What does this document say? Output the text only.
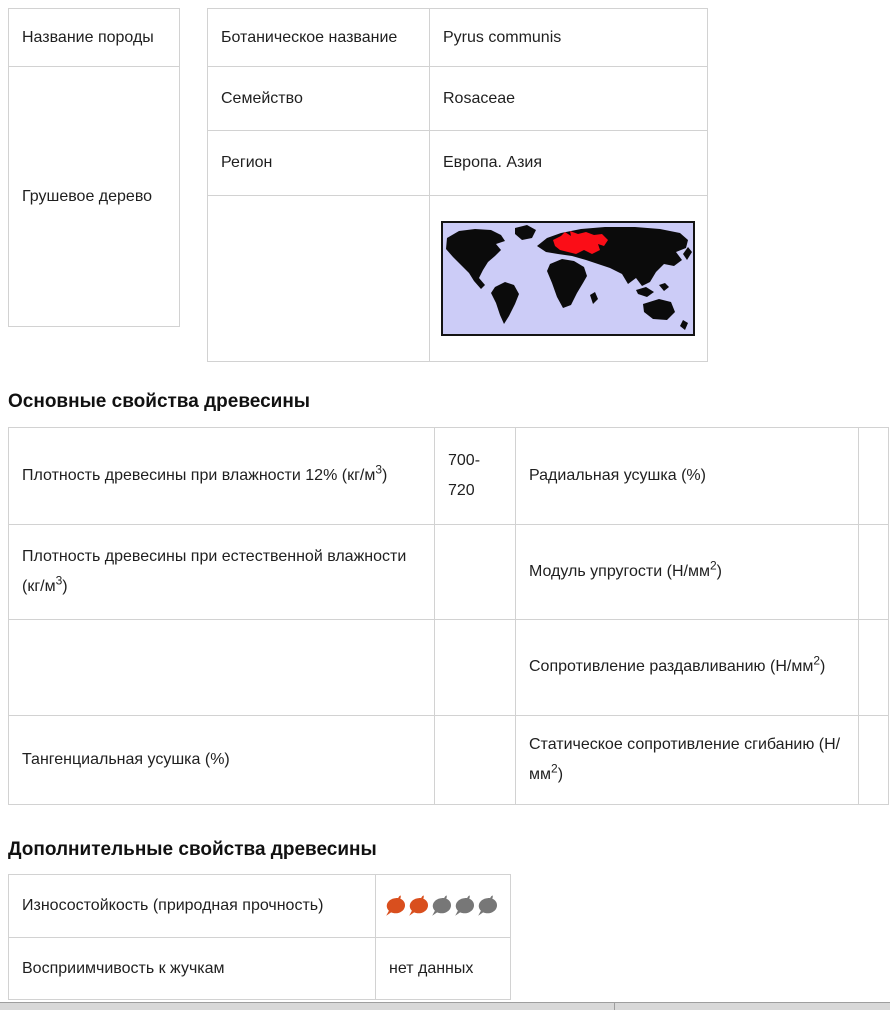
Название породы
Грушевое дерево
Ботаническое название	Pyrus communis
Семейство	Rosaceae
Регион	Европа. Азия

Основные свойства древесины
Плотность древесины при влажности 12% $(кг/м^3)$	700-720	Радиальная усушка (%)	
Плотность древесины при естественной влажности $(кг/м^3)$		Модуль упругости $(Н/мм^2)$	
		Сопротивление раздавливанию $(Н/мм^2)$	
Тангенциальная усушка (%)		Статическое сопротивление сгибанию $(Н/мм^2)$	
Дополнительные свойства древесины
Износостойкость (природная прочность)	

Восприимчивость к жучкам	нет данных
